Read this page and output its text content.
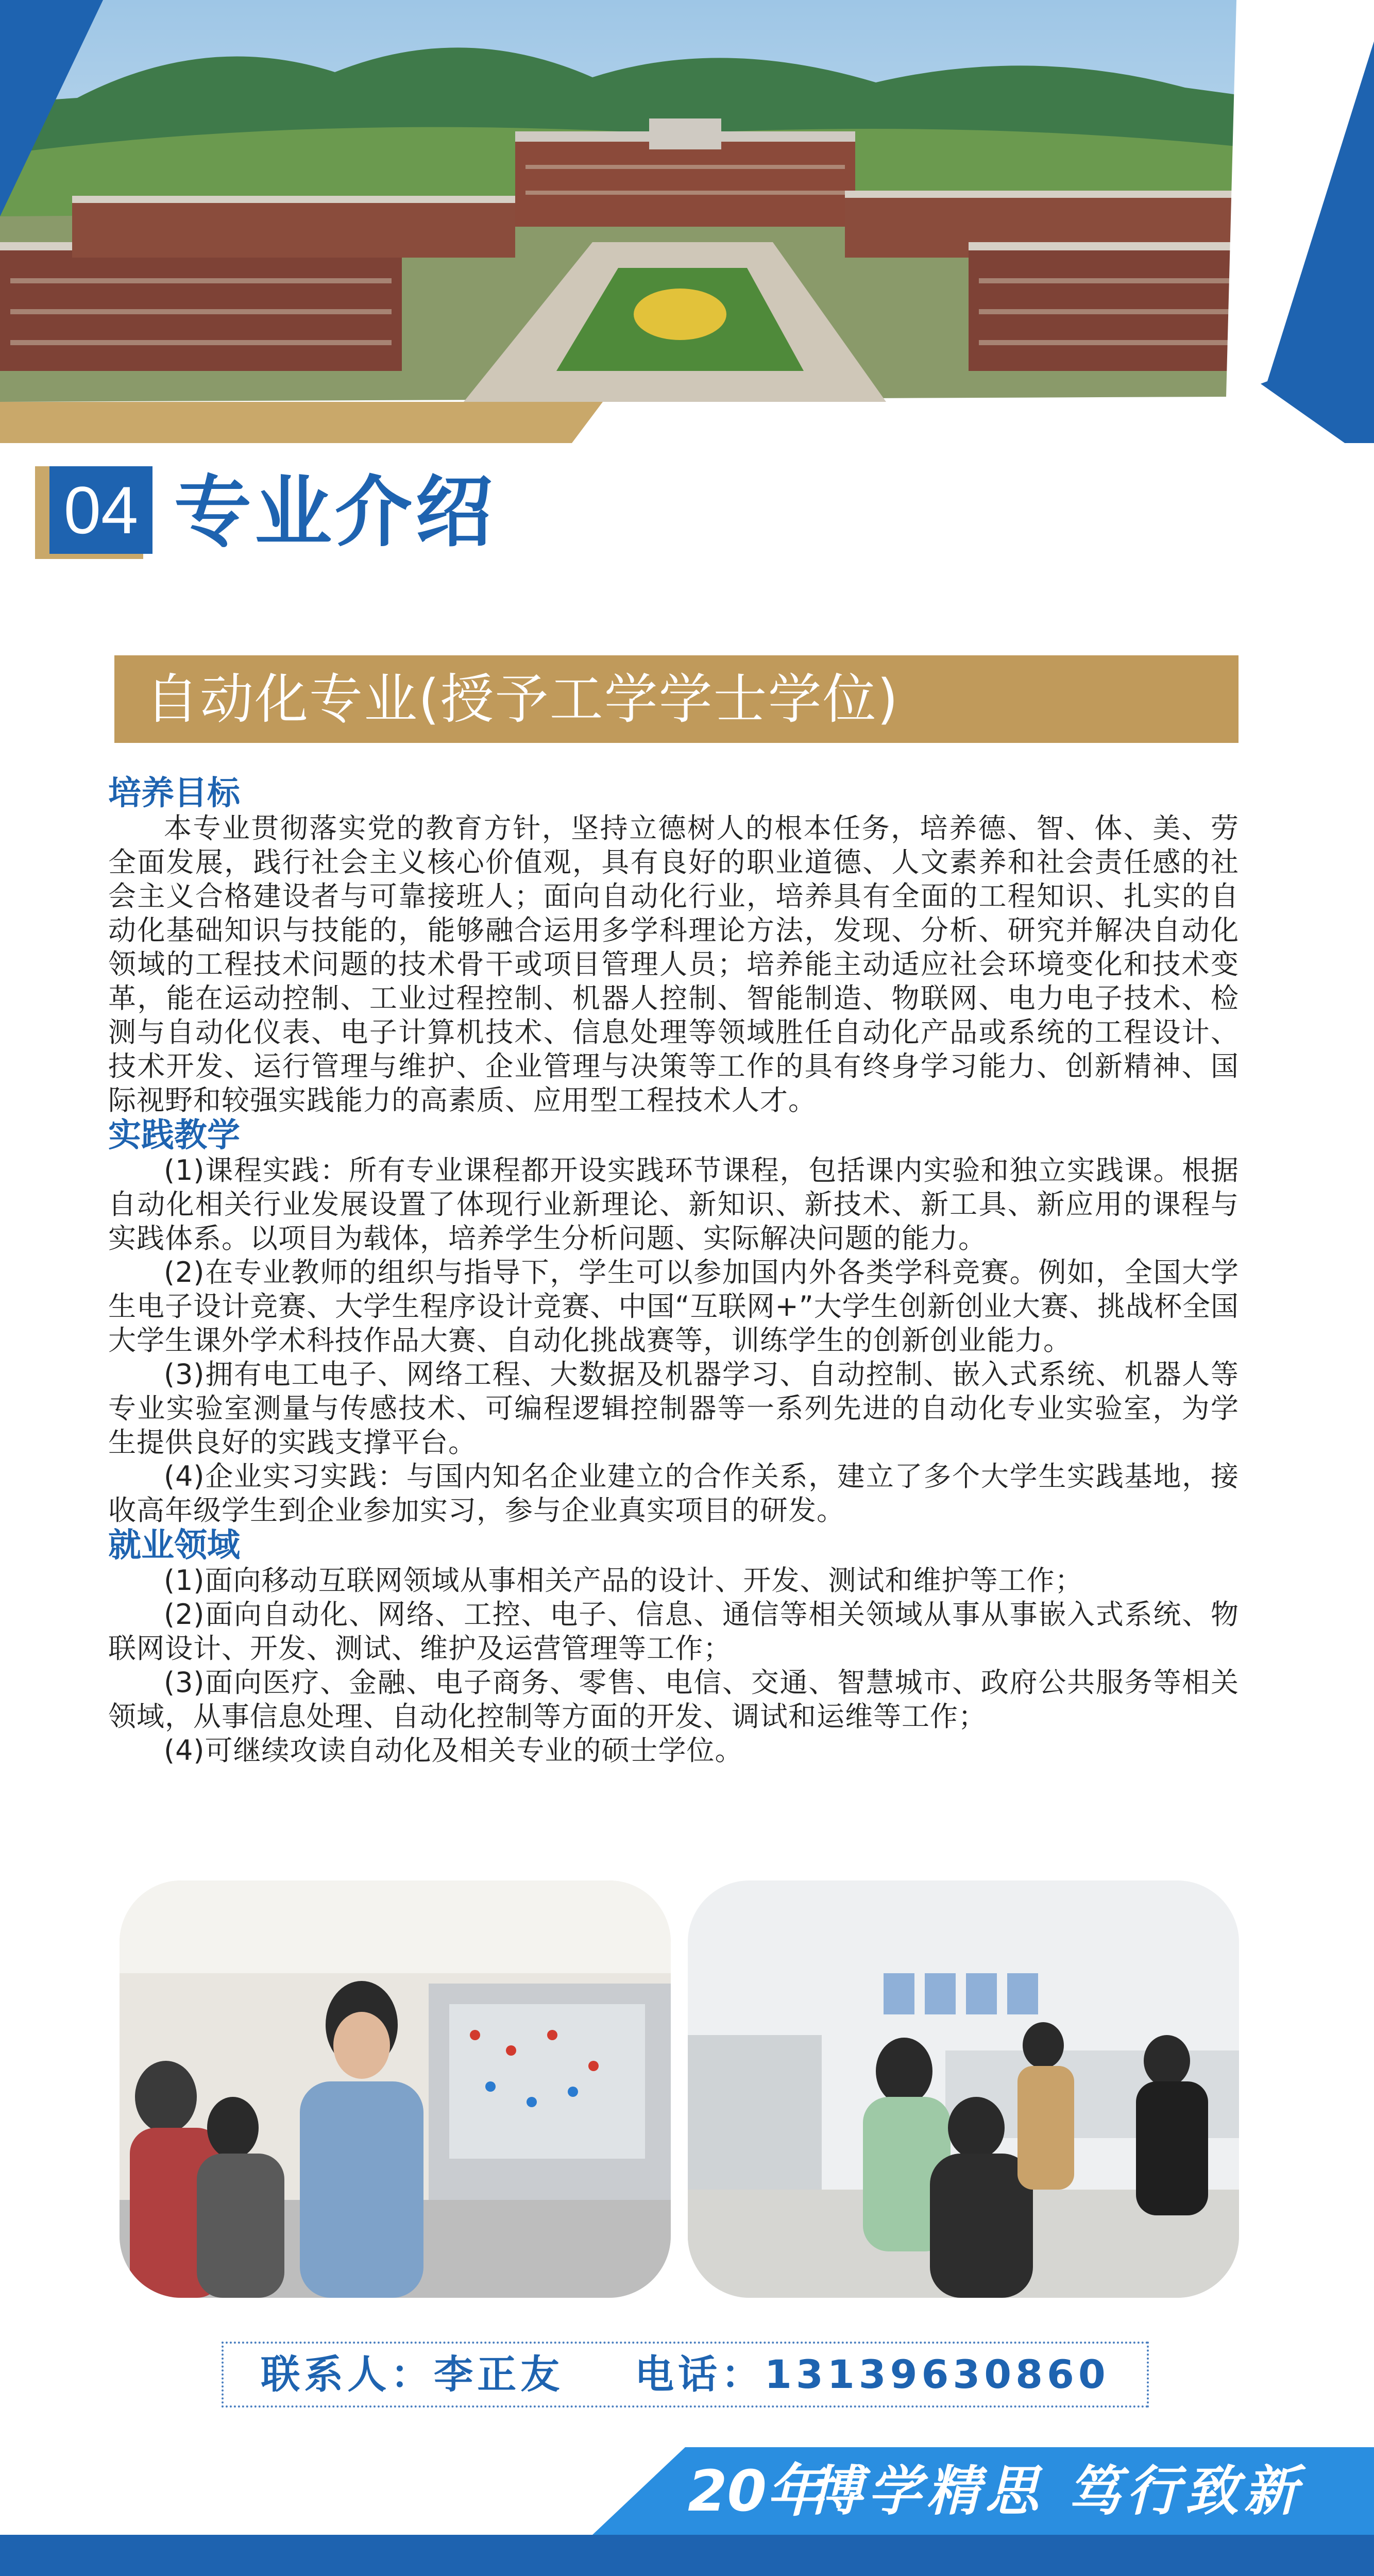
04 专业介绍
自动化专业(授予工学学士学位)
培养目标

本专业贯彻落实党的教育方针，坚持立德树人的根本任务，培养德、智、体、美、劳全面发展，践行社会主义核心价值观，具有良好的职业道德、人文素养和社会责任感的社会主义合格建设者与可靠接班人；面向自动化行业，培养具有全面的工程知识、扎实的自动化基础知识与技能的，能够融合运用多学科理论方法，发现、分析、研究并解决自动化领域的工程技术问题的技术骨干或项目管理人员；培养能主动适应社会环境变化和技术变革，能在运动控制、工业过程控制、机器人控制、智能制造、物联网、电力电子技术、检测与自动化仪表、电子计算机技术、信息处理等领域胜任自动化产品或系统的工程设计、技术开发、运行管理与维护、企业管理与决策等工作的具有终身学习能力、创新精神、国际视野和较强实践能力的高素质、应用型工程技术人才。

实践教学

(1)课程实践：所有专业课程都开设实践环节课程，包括课内实验和独立实践课。根据自动化相关行业发展设置了体现行业新理论、新知识、新技术、新工具、新应用的课程与实践体系。以项目为载体，培养学生分析问题、实际解决问题的能力。

(2)在专业教师的组织与指导下，学生可以参加国内外各类学科竞赛。例如，全国大学生电子设计竞赛、大学生程序设计竞赛、中国“互联网+”大学生创新创业大赛、挑战杯全国大学生课外学术科技作品大赛、自动化挑战赛等，训练学生的创新创业能力。

(3)拥有电工电子、网络工程、大数据及机器学习、自动控制、嵌入式系统、机器人等专业实验室测量与传感技术、可编程逻辑控制器等一系列先进的自动化专业实验室，为学生提供良好的实践支撑平台。

(4)企业实习实践：与国内知名企业建立的合作关系，建立了多个大学生实践基地，接收高年级学生到企业参加实习，参与企业真实项目的研发。

就业领域

(1)面向移动互联网领域从事相关产品的设计、开发、测试和维护等工作；

(2)面向自动化、网络、工控、电子、信息、通信等相关领域从事从事嵌入式系统、物联网设计、开发、测试、维护及运营管理等工作；

(3)面向医疗、金融、电子商务、零售、电信、交通、智慧城市、政府公共服务等相关领域，从事信息处理、自动化控制等方面的开发、调试和运维等工作；

(4)可继续攻读自动化及相关专业的硕士学位。

联系人：李正友 电话：13139630860
20年
博学精思 笃行致新
